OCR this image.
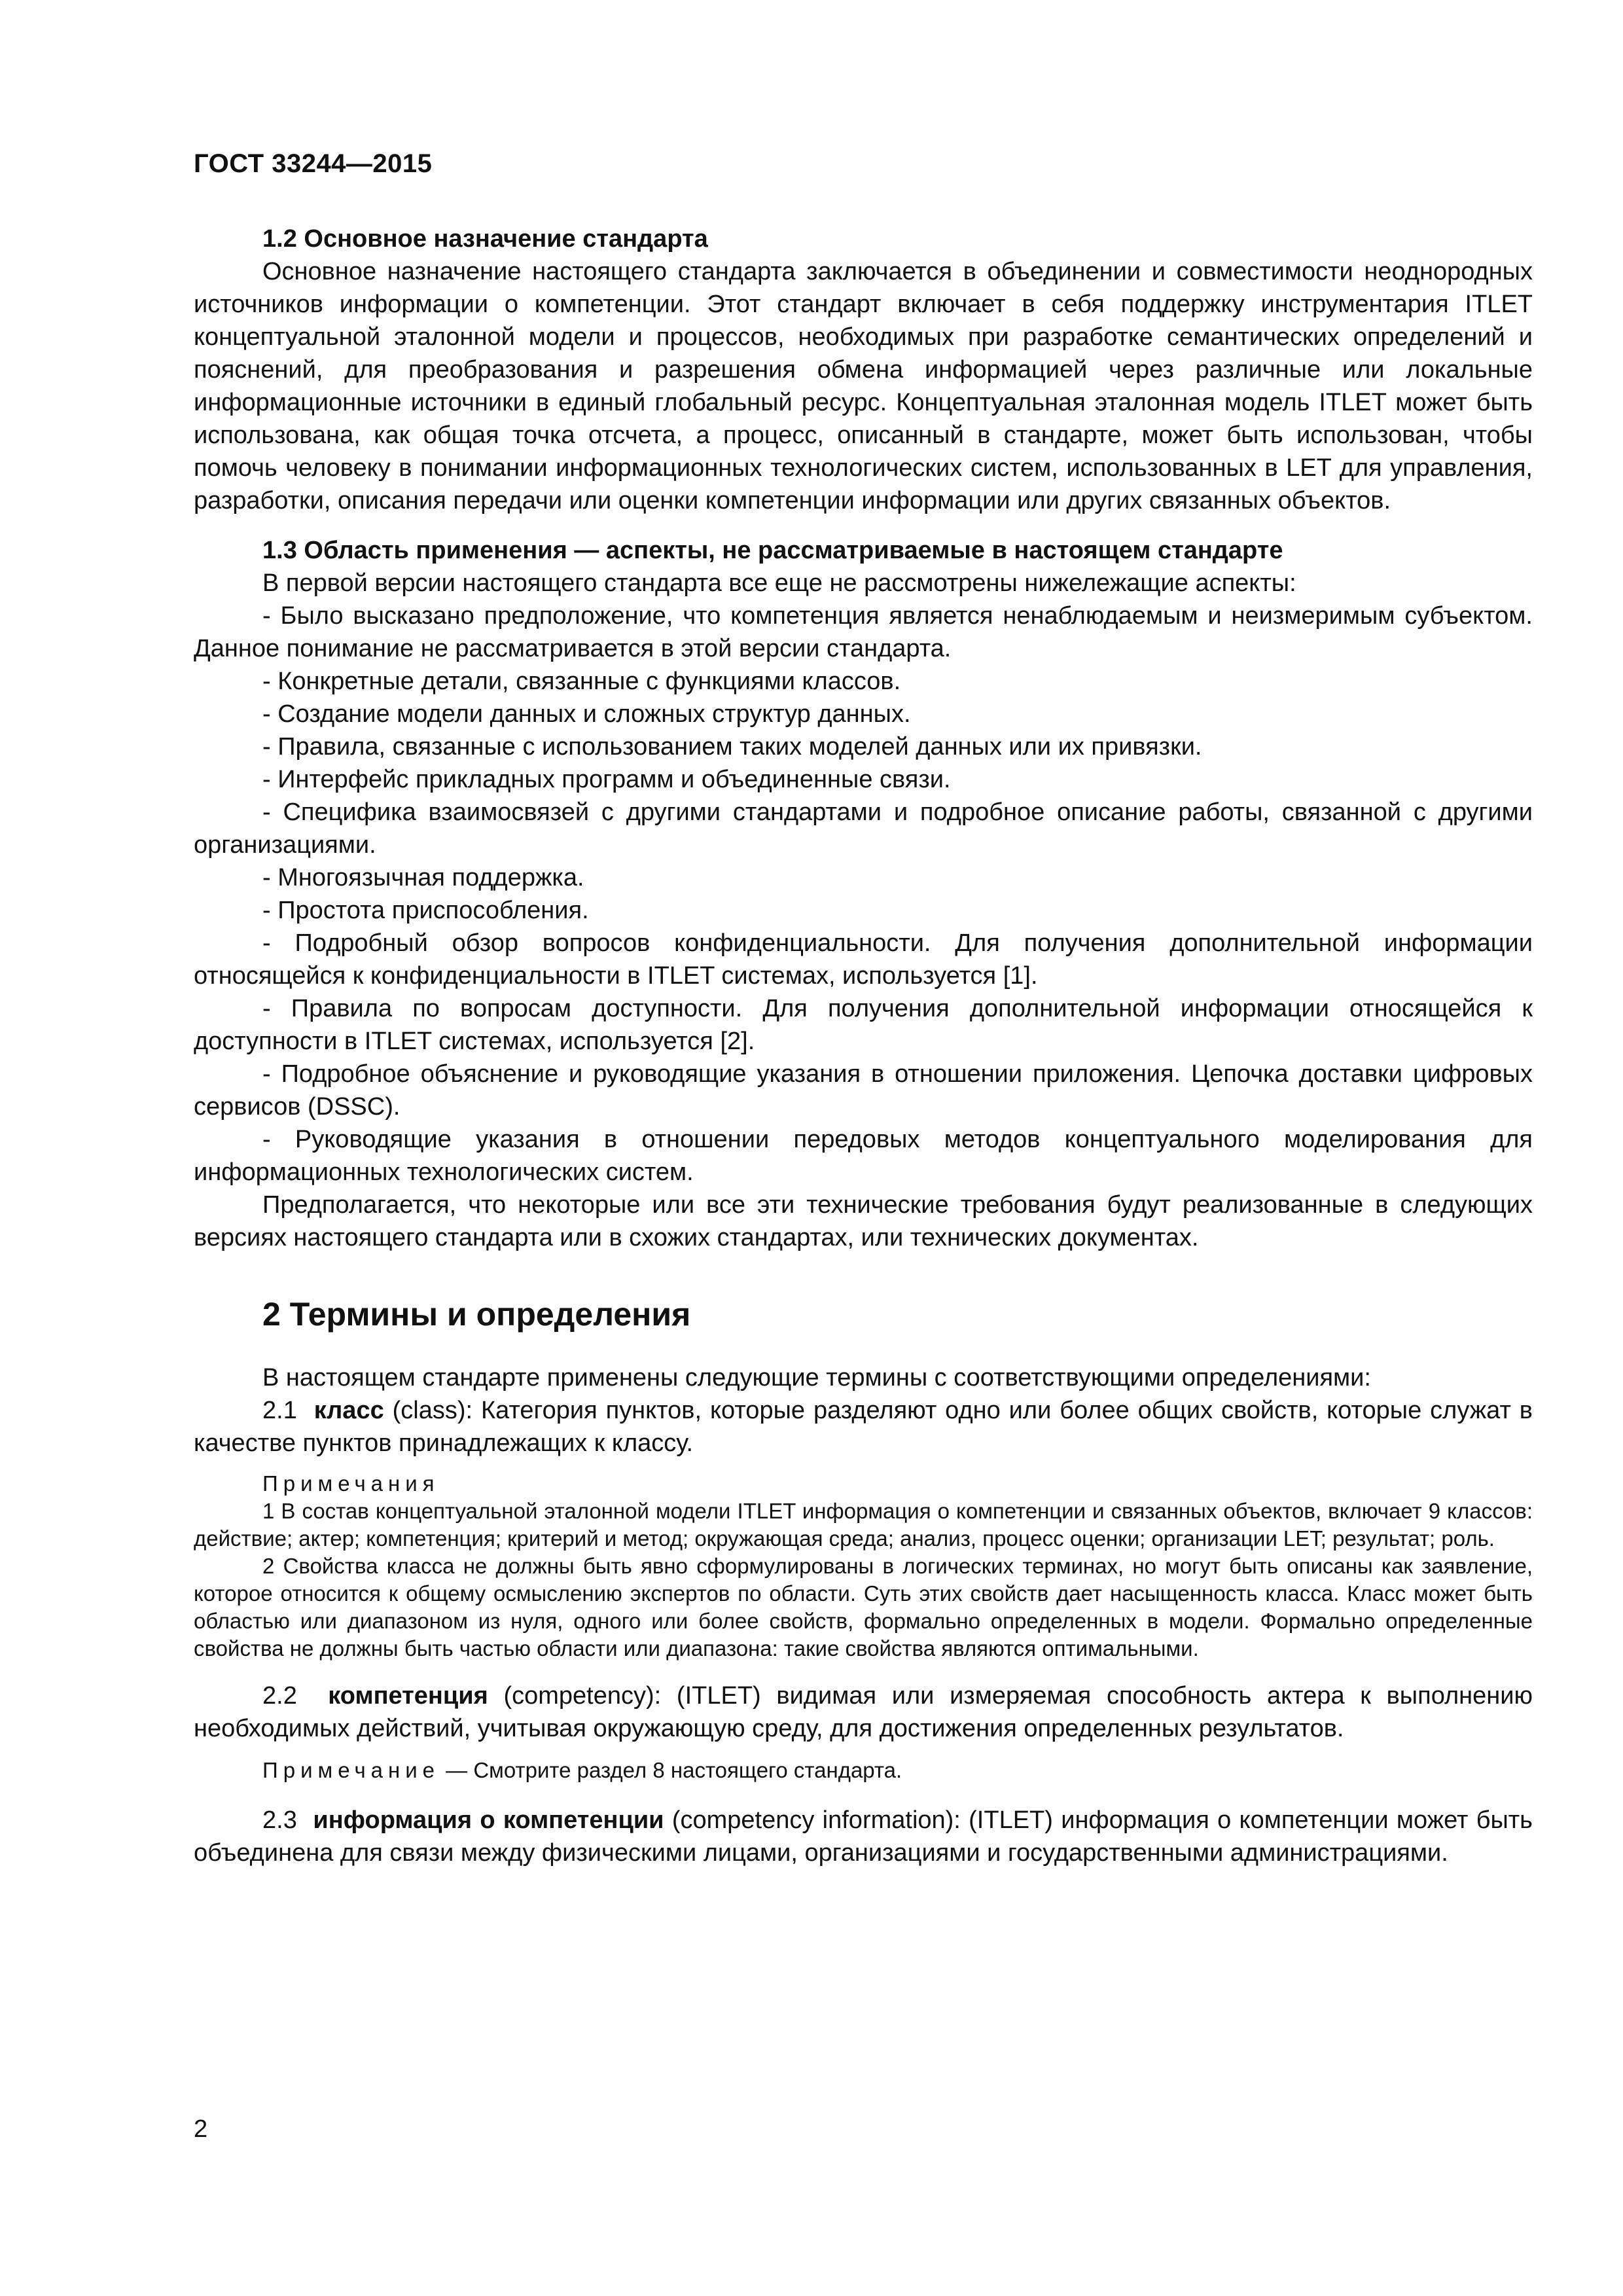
ГОСТ 33244—2015

1.2 Основное назначение стандарта

Основное назначение настоящего стандарта заключается в объединении и совместимости неоднородных источников информации о компетенции. Этот стандарт включает в себя поддержку инструментария ITLET концептуальной эталонной модели и процессов, необходимых при разработке семантических определений и пояснений, для преобразования и разрешения обмена информацией через различные или локальные информационные источники в единый глобальный ресурс. Концептуальная эталонная модель ITLET может быть использована, как общая точка отсчета, а процесс, описанный в стандарте, может быть использован, чтобы помочь человеку в понимании информационных технологических систем, использованных в LET для управления, разработки, описания передачи или оценки компетенции информации или других связанных объектов.

1.3 Область применения — аспекты, не рассматриваемые в настоящем стандарте

В первой версии настоящего стандарта все еще не рассмотрены нижележащие аспекты:

- Было высказано предположение, что компетенция является ненаблюдаемым и неизмеримым субъектом. Данное понимание не рассматривается в этой версии стандарта.
- Конкретные детали, связанные с функциями классов.
- Создание модели данных и сложных структур данных.
- Правила, связанные с использованием таких моделей данных или их привязки.
- Интерфейс прикладных программ и объединенные связи.
- Специфика взаимосвязей с другими стандартами и подробное описание работы, связанной с другими организациями.
- Многоязычная поддержка.
- Простота приспособления.
- Подробный обзор вопросов конфиденциальности. Для получения дополнительной информации относящейся к конфиденциальности в ITLET системах, используется [1].
- Правила по вопросам доступности. Для получения дополнительной информации относящейся к доступности в ITLET системах, используется [2].
- Подробное объяснение и руководящие указания в отношении приложения. Цепочка доставки цифровых сервисов (DSSC).
- Руководящие указания в отношении передовых методов концептуального моделирования для информационных технологических систем.

Предполагается, что некоторые или все эти технические требования будут реализованные в следующих версиях настоящего стандарта или в схожих стандартах, или технических документах.

2 Термины и определения

В настоящем стандарте применены следующие термины с соответствующими определениями:

2.1 класс (class): Категория пунктов, которые разделяют одно или более общих свойств, которые служат в качестве пунктов принадлежащих к классу.

Примечания

1 В состав концептуальной эталонной модели ITLET информация о компетенции и связанных объектов, включает 9 классов: действие; актер; компетенция; критерий и метод; окружающая среда; анализ, процесс оценки; организации LET; результат; роль.

2 Свойства класса не должны быть явно сформулированы в логических терминах, но могут быть описаны как заявление, которое относится к общему осмыслению экспертов по области. Суть этих свойств дает насыщенность класса. Класс может быть областью или диапазоном из нуля, одного или более свойств, формально определенных в модели. Формально определенные свойства не должны быть частью области или диапазона: такие свойства являются оптимальными.

2.2 компетенция (competency): (ITLET) видимая или измеряемая способность актера к выполнению необходимых действий, учитывая окружающую среду, для достижения определенных результатов.

Примечание — Смотрите раздел 8 настоящего стандарта.

2.3 информация о компетенции (competency information): (ITLET) информация о компетенции может быть объединена для связи между физическими лицами, организациями и государственными администрациями.

2
